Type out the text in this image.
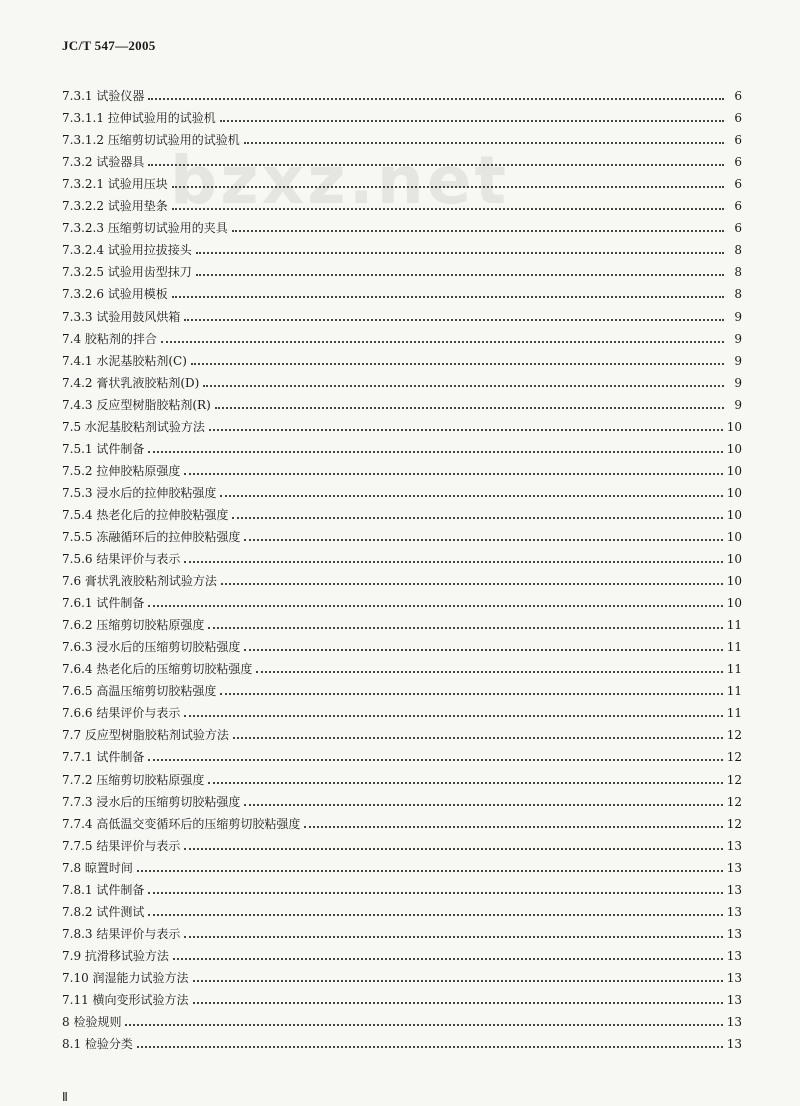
JC/T 547—2005
bzxz.net
7.3.1 试验仪器	6
7.3.1.1 拉伸试验用的试验机	6
7.3.1.2 压缩剪切试验用的试验机	6
7.3.2 试验器具	6
7.3.2.1 试验用压块	6
7.3.2.2 试验用垫条	6
7.3.2.3 压缩剪切试验用的夹具	6
7.3.2.4 试验用拉拔接头	8
7.3.2.5 试验用齿型抹刀	8
7.3.2.6 试验用模板	8
7.3.3 试验用鼓风烘箱	9
7.4 胶粘剂的拌合	9
7.4.1 水泥基胶粘剂(C)	9
7.4.2 膏状乳液胶粘剂(D)	9
7.4.3 反应型树脂胶粘剂(R)	9
7.5 水泥基胶粘剂试验方法	10
7.5.1 试件制备	10
7.5.2 拉伸胶粘原强度	10
7.5.3 浸水后的拉伸胶粘强度	10
7.5.4 热老化后的拉伸胶粘强度	10
7.5.5 冻融循环后的拉伸胶粘强度	10
7.5.6 结果评价与表示	10
7.6 膏状乳液胶粘剂试验方法	10
7.6.1 试件制备	10
7.6.2 压缩剪切胶粘原强度	11
7.6.3 浸水后的压缩剪切胶粘强度	11
7.6.4 热老化后的压缩剪切胶粘强度	11
7.6.5 高温压缩剪切胶粘强度	11
7.6.6 结果评价与表示	11
7.7 反应型树脂胶粘剂试验方法	12
7.7.1 试件制备	12
7.7.2 压缩剪切胶粘原强度	12
7.7.3 浸水后的压缩剪切胶粘强度	12
7.7.4 高低温交变循环后的压缩剪切胶粘强度	12
7.7.5 结果评价与表示	13
7.8 晾置时间	13
7.8.1 试件制备	13
7.8.2 试件测试	13
7.8.3 结果评价与表示	13
7.9 抗滑移试验方法	13
7.10 润湿能力试验方法	13
7.11 横向变形试验方法	13
8 检验规则	13
8.1 检验分类	13
Ⅱ
